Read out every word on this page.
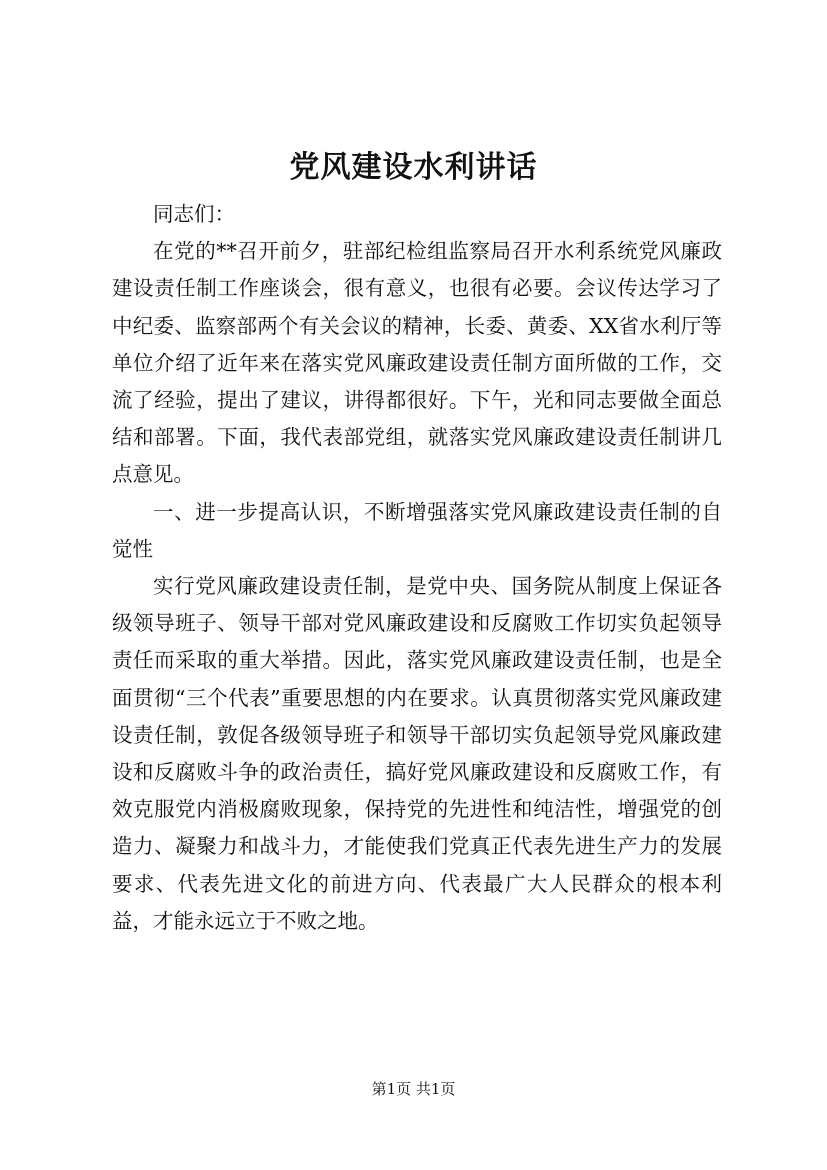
党风建设水利讲话

同志们：

在党的**召开前夕，驻部纪检组监察局召开水利系统党风廉政建设责任制工作座谈会，很有意义，也很有必要。会议传达学习了中纪委、监察部两个有关会议的精神，长委、黄委、XX省水利厅等单位介绍了近年来在落实党风廉政建设责任制方面所做的工作，交流了经验，提出了建议，讲得都很好。下午，光和同志要做全面总结和部署。下面，我代表部党组，就落实党风廉政建设责任制讲几点意见。

一、进一步提高认识，不断增强落实党风廉政建设责任制的自觉性

实行党风廉政建设责任制，是党中央、国务院从制度上保证各级领导班子、领导干部对党风廉政建设和反腐败工作切实负起领导责任而采取的重大举措。因此，落实党风廉政建设责任制，也是全面贯彻“三个代表”重要思想的内在要求。认真贯彻落实党风廉政建设责任制，敦促各级领导班子和领导干部切实负起领导党风廉政建设和反腐败斗争的政治责任，搞好党风廉政建设和反腐败工作，有效克服党内消极腐败现象，保持党的先进性和纯洁性，增强党的创造力、凝聚力和战斗力，才能使我们党真正代表先进生产力的发展要求、代表先进文化的前进方向、代表最广大人民群众的根本利益，才能永远立于不败之地。

第1页 共1页
